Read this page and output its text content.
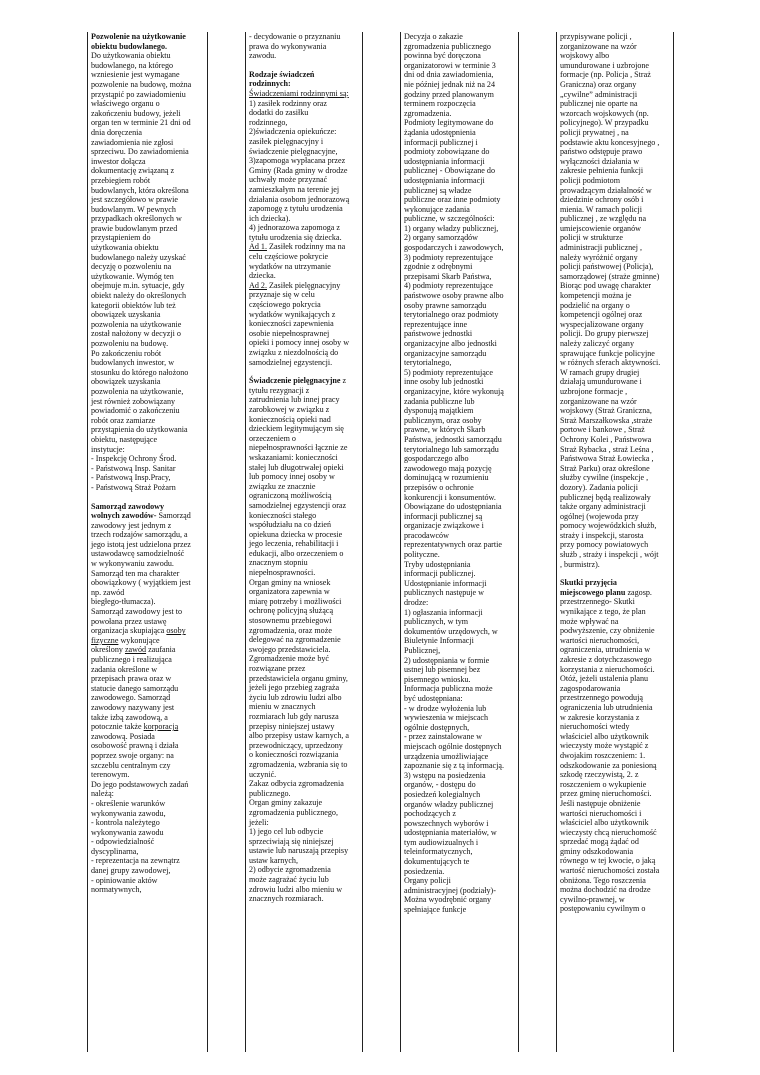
Pozwolenie na użytkowanie
obiektu budowlanego.
Do użytkowania obiektu
budowlanego, na którego
wzniesienie jest wymagane
pozwolenie na budowę, można
przystąpić po zawiadomieniu
właściwego organu o
zakończeniu budowy, jeżeli
organ ten w terminie 21 dni od
dnia doręczenia
zawiadomienia nie zgłosi
sprzeciwu. Do zawiadomienia
inwestor dołącza
dokumentację związaną z
przebiegiem robót
budowlanych, która określona
jest szczegółowo w prawie
budowlanym. W pewnych
przypadkach określonych w
prawie budowlanym przed
przystąpieniem do
użytkowania obiektu
budowlanego należy uzyskać
decyzję o pozwoleniu na
użytkowanie. Wymóg ten
obejmuje m.in. sytuacje, gdy
obiekt należy do określonych
kategorii obiektów lub też
obowiązek uzyskania
pozwolenia na użytkowanie
został nałożony w decyzji o
pozwoleniu na budowę.
Po zakończeniu robót
budowlanych inwestor, w
stosunku do którego nałożono
obowiązek uzyskania
pozwolenia na użytkowanie,
jest również zobowiązany
powiadomić o zakończeniu
robót oraz zamiarze
przystąpienia do użytkowania
obiektu, następujące
instytucje:
- Inspekcję Ochrony Środ.
- Państwową Insp. Sanitar
- Państwową Insp.Pracy,
- Państwową Straż Pożarn

Samorząd zawodowy
wolnych zawodów- Samorząd
zawodowy jest jednym z
trzech rodzajów samorządu, a
jego istotą jest udzielona przez
ustawodawcę samodzielność
w wykonywaniu zawodu.
Samorząd ten ma charakter
obowiązkowy ( wyjątkiem jest
np. zawód
biegłego-tłumacza).
Samorząd zawodowy jest to
powołana przez ustawę
organizacja skupiająca osoby
fizyczne wykonujące
określony zawód zaufania
publicznego i realizująca
zadania określone w
przepisach prawa oraz w
statucie danego samorządu
zawodowego. Samorząd
zawodowy nazywany jest
także izbą zawodową, a
potocznie także korporacją
zawodową. Posiada
osobowość prawną i działa
poprzez swoje organy: na
szczeblu centralnym czy
terenowym.
Do jego podstawowych zadań
należą:
- określenie warunków
wykonywania zawodu,
- kontrola należytego
wykonywania zawodu
- odpowiedzialność
dyscyplinarna,
- reprezentacja na zewnątrz
danej grupy zawodowej,
- opiniowanie aktów
normatywnych,

- decydowanie o przyznaniu
prawa do wykonywania
zawodu.

Rodzaje świadczeń
rodzinnych:
Świadczeniami rodzinnymi są:
1) zasiłek rodzinny oraz
dodatki do zasiłku
rodzinnego,
2)świadczenia opiekuńcze:
zasiłek pielęgnacyjny i
świadczenie pielęgnacyjne,
3)zapomoga wypłacana przez
Gminy (Rada gminy w drodze
uchwały może przyznać
zamieszkałym na terenie jej
działania osobom jednorazową
zapomogę z tytułu urodzenia
ich dziecka).
4) jednorazowa zapomoga z
tytułu urodzenia się dziecka.
Ad 1. Zasiłek rodzinny ma na
celu częściowe pokrycie
wydatków na utrzymanie
dziecka.
Ad 2. Zasiłek pielęgnacyjny
przyznaje się w celu
częściowego pokrycia
wydatków wynikających z
konieczności zapewnienia
osobie niepełnosprawnej
opieki i pomocy innej osoby w
związku z niezdolnością do
samodzielnej egzystencji.

Świadczenie pielęgnacyjne z
tytułu rezygnacji z
zatrudnienia lub innej pracy
zarobkowej w związku z
koniecznością opieki nad
dzieckiem legitymującym się
orzeczeniem o
niepełnosprawności łącznie ze
wskazaniami: konieczności
stałej lub długotrwałej opieki
lub pomocy innej osoby w
związku ze znacznie
ograniczoną możliwością
samodzielnej egzystencji oraz
konieczności stałego
współudziału na co dzień
opiekuna dziecka w procesie
jego leczenia, rehabilitacji i
edukacji, albo orzeczeniem o
znacznym stopniu
niepełnosprawności.
Organ gminy na wniosek
organizatora zapewnia w
miarę potrzeby i możliwości
ochronę policyjną służącą
stosownemu przebiegowi
zgromadzenia, oraz może
delegować na zgromadzenie
swojego przedstawiciela.
Zgromadzenie może być
rozwiązane przez
przedstawiciela organu gminy,
jeżeli jego przebieg zagraża
życiu lub zdrowiu ludzi albo
mieniu w znacznych
rozmiarach lub gdy narusza
przepisy niniejszej ustawy
albo przepisy ustaw karnych, a
przewodniczący, uprzedzony
o konieczności rozwiązania
zgromadzenia, wzbrania się to
uczynić.
Zakaz odbycia zgromadzenia
publicznego.
Organ gminy zakazuje
zgromadzenia publicznego,
jeżeli:
1) jego cel lub odbycie
sprzeciwiają się niniejszej
ustawie lub naruszają przepisy
ustaw karnych,
2) odbycie zgromadzenia
może zagrażać życiu lub
zdrowiu ludzi albo mieniu w
znacznych rozmiarach.

Decyzja o zakazie
zgromadzenia publicznego
powinna być doręczona
organizatorowi w terminie 3
dni od dnia zawiadomienia,
nie później jednak niż na 24
godziny przed planowanym
terminem rozpoczęcia
zgromadzenia.
Podmioty legitymowane do
żądania udostępnienia
informacji publicznej i
podmioty zobowiązane do
udostępniania informacji
publicznej - Obowiązane do
udostępniania informacji
publicznej są władze
publiczne oraz inne podmioty
wykonujące zadania
publiczne, w szczególności:
1) organy władzy publicznej,
2) organy samorządów
gospodarczych i zawodowych,
3) podmioty reprezentujące
zgodnie z odrębnymi
przepisami Skarb Państwa,
4) podmioty reprezentujące
państwowe osoby prawne albo
osoby prawne samorządu
terytorialnego oraz podmioty
reprezentujące inne
państwowe jednostki
organizacyjne albo jednostki
organizacyjne samorządu
terytorialnego,
5) podmioty reprezentujące
inne osoby lub jednostki
organizacyjne, które wykonują
zadania publiczne lub
dysponują majątkiem
publicznym, oraz osoby
prawne, w których Skarb
Państwa, jednostki samorządu
terytorialnego lub samorządu
gospodarczego albo
zawodowego mają pozycję
dominującą w rozumieniu
przepisów o ochronie
konkurencji i konsumentów.
Obowiązane do udostępniania
informacji publicznej są
organizacje związkowe i
pracodawców
reprezentatywnych oraz partie
polityczne.
Tryby udostępniania
informacji publicznej.
Udostępnianie informacji
publicznych następuje w
drodze:
1) ogłaszania informacji
publicznych, w tym
dokumentów urzędowych, w
Biuletynie Informacji
Publicznej,
2) udostępniania w formie
ustnej lub pisemnej bez
pisemnego wniosku.
Informacja publiczna może
być udostępniana:
- w drodze wyłożenia lub
wywieszenia w miejscach
ogólnie dostępnych,
- przez zainstalowane w
miejscach ogólnie dostępnych
urządzenia umożliwiające
zapoznanie się z tą informacją.
3) wstępu na posiedzenia
organów, - dostępu do
posiedzeń kolegialnych
organów władzy publicznej
pochodzących z
powszechnych wyborów i
udostępniania materiałów, w
tym audiowizualnych i
teleinformatycznych,
dokumentujących te
posiedzenia.
Organy policji
administracyjnej (podziały)-
Można wyodrębnić organy
spełniające funkcje

przypisywane policji ,
zorganizowane na wzór
wojskowy albo
umundurowane i uzbrojone
formacje (np. Policja , Straż
Graniczna) oraz organy
„cywilne” administracji
publicznej nie oparte na
wzorcach wojskowych (np.
policyjnego). W przypadku
policji prywatnej , na
podstawie aktu koncesyjnego ,
państwo odstępuje prawo
wyłączności działania w
zakresie pełnienia funkcji
policji podmiotom
prowadzącym działalność w
dziedzinie ochrony osób i
mienia. W ramach policji
publicznej , ze względu na
umiejscowienie organów
policji w strukturze
administracji publicznej ,
należy wyróżnić organy
policji państwowej (Policja),
samorządowej (straże gminne)
Biorąc pod uwagę charakter
kompetencji można je
podzielić na organy o
kompetencji ogólnej oraz
wyspecjalizowane organy
policji. Do grupy pierwszej
należy zaliczyć organy
sprawujące funkcje policyjne
w różnych sferach aktywności.
W ramach grupy drugiej
działają umundurowane i
uzbrojone formacje ,
zorganizowane na wzór
wojskowy (Straż Graniczna,
Straż Marszałkowska ,straże
portowe i bankowe , Straż
Ochrony Kolei , Państwowa
Straż Rybacka , straż Leśna ,
Państwowa Straż Łowiecka ,
Straż Parku) oraz określone
służby cywilne (inspekcje ,
dozory). Zadania policji
publicznej będą realizowały
także organy administracji
ogólnej (wojewoda przy
pomocy wojewódzkich służb,
straży i inspekcji, starosta
przy pomocy powiatowych
służb , straży i inspekcji , wójt
, burmistrz).

Skutki przyjęcia
miejscowego planu zagosp.
przestrzennego- Skutki
wynikające z tego, że plan
może wpływać na
podwyższenie, czy obniżenie
wartości nieruchomości,
ograniczenia, utrudnienia w
zakresie z dotychczasowego
korzystania z nieruchomości.
Otóż, jeżeli ustalenia planu
zagospodarowania
przestrzennego powodują
ograniczenia lub utrudnienia
w zakresie korzystania z
nieruchomości wtedy
właściciel albo użytkownik
wieczysty może wystąpić z
dwojakim roszczeniem: 1.
odszkodowanie za poniesioną
szkodę rzeczywistą, 2. z
roszczeniem o wykupienie
przez gminę nieruchomości.
Jeśli następuje obniżenie
wartości nieruchomości i
właściciel albo użytkownik
wieczysty chcą nieruchomość
sprzedać mogą żądać od
gminy odszkodowania
równego w tej kwocie, o jaką
wartość nieruchomości została
obniżona. Tego roszczenia
można dochodzić na drodze
cywilno-prawnej, w
postępowaniu cywilnym o
